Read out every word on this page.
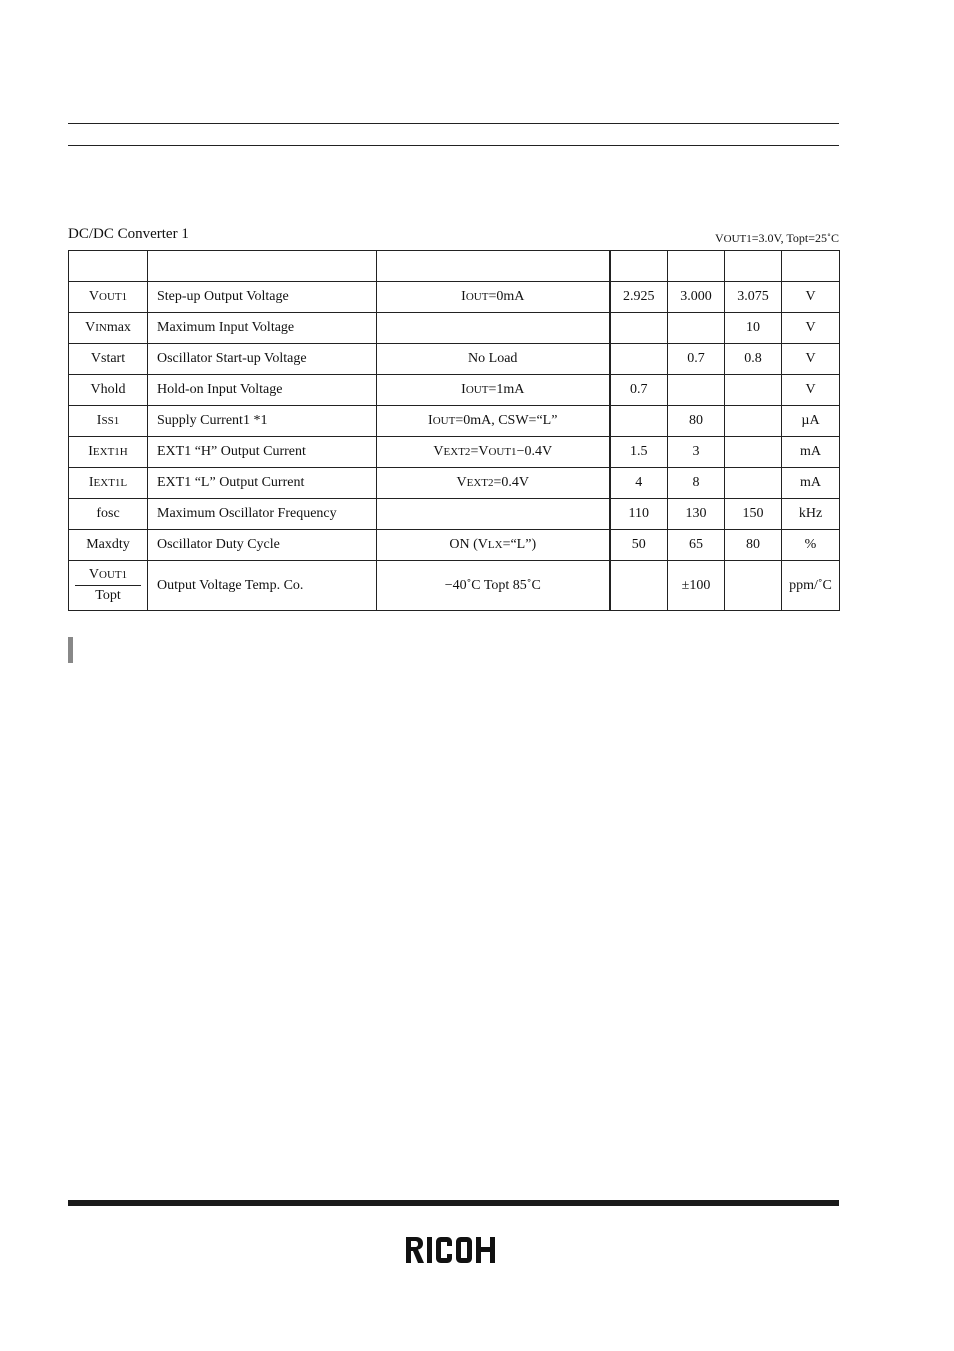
DC/DC Converter 1	VOUT1=3.0V, Topt=25˚C

VOUT1	Step-up Output Voltage	IOUT=0mA	2.925	3.000	3.075	V
VINmax	Maximum Input Voltage				10	V
Vstart	Oscillator Start-up Voltage	No Load		0.7	0.8	V
Vhold	Hold-on Input Voltage	IOUT=1mA	0.7			V
ISS1	Supply Current1 *1	IOUT=0mA, CSW=“L”		80		µA
IEXT1H	EXT1 “H” Output Current	VEXT2=VOUT1−0.4V	1.5	3		mA
IEXT1L	EXT1 “L” Output Current	VEXT2=0.4V	4	8		mA
fosc	Maximum Oscillator Frequency		110	130	150	kHz
Maxdty	Oscillator Duty Cycle	ON (VLX=“L”)	50	65	80	%

$\frac{\text{VOUT1}}{\text{Topt}}$	Output Voltage Temp. Co.	−40˚C Topt 85˚C		±100		ppm/˚C
